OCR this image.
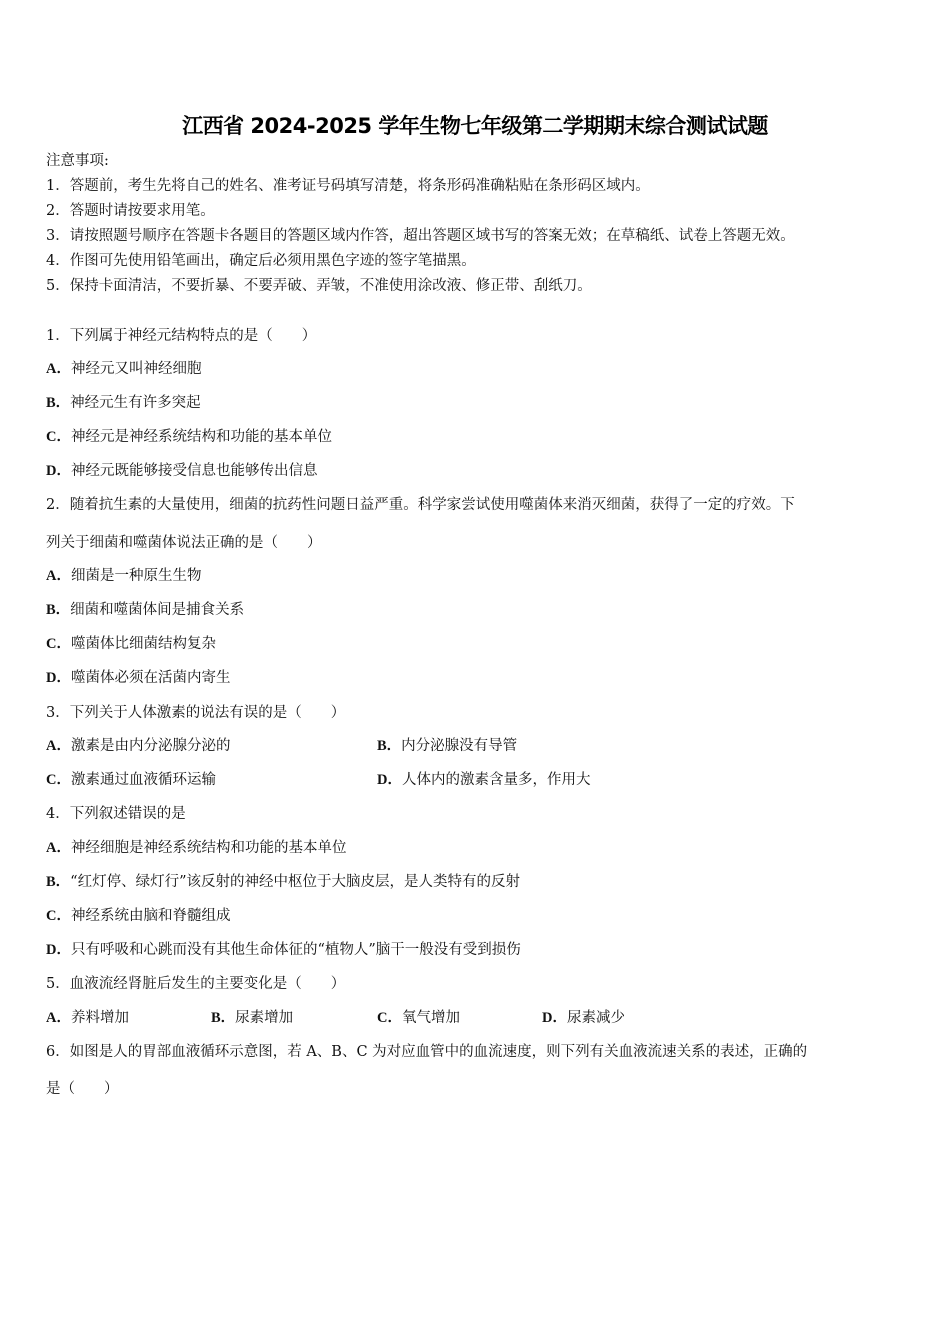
江西省 2024-2025 学年生物七年级第二学期期末综合测试试题
注意事项:
1．答题前，考生先将自己的姓名、准考证号码填写清楚，将条形码准确粘贴在条形码区域内。
2．答题时请按要求用笔。
3．请按照题号顺序在答题卡各题目的答题区域内作答，超出答题区域书写的答案无效；在草稿纸、试卷上答题无效。
4．作图可先使用铅笔画出，确定后必须用黑色字迹的签字笔描黑。
5．保持卡面清洁，不要折暴、不要弄破、弄皱，不准使用涂改液、修正带、刮纸刀。
1．下列属于神经元结构特点的是（　　）
A．神经元又叫神经细胞
B．神经元生有许多突起
C．神经元是神经系统结构和功能的基本单位
D．神经元既能够接受信息也能够传出信息
2．随着抗生素的大量使用，细菌的抗药性问题日益严重。科学家尝试使用噬菌体来消灭细菌，获得了一定的疗效。下
列关于细菌和噬菌体说法正确的是（　　）
A．细菌是一种原生生物
B．细菌和噬菌体间是捕食关系
C．噬菌体比细菌结构复杂
D．噬菌体必须在活菌内寄生
3．下列关于人体激素的说法有误的是（　　）
A．激素是由内分泌腺分泌的	B．内分泌腺没有导管
C．激素通过血液循环运输	D．人体内的激素含量多，作用大
4．下列叙述错误的是
A．神经细胞是神经系统结构和功能的基本单位
B．“红灯停、绿灯行”该反射的神经中枢位于大脑皮层，是人类特有的反射
C．神经系统由脑和脊髓组成
D．只有呼吸和心跳而没有其他生命体征的“植物人”脑干一般没有受到损伤
5．血液流经肾脏后发生的主要变化是（　　）
A．养料增加	B．尿素增加	C．氧气增加	D．尿素减少
6．如图是人的胃部血液循环示意图，若 A、B、C 为对应血管中的血流速度，则下列有关血液流速关系的表述，正确的
是（　　）
